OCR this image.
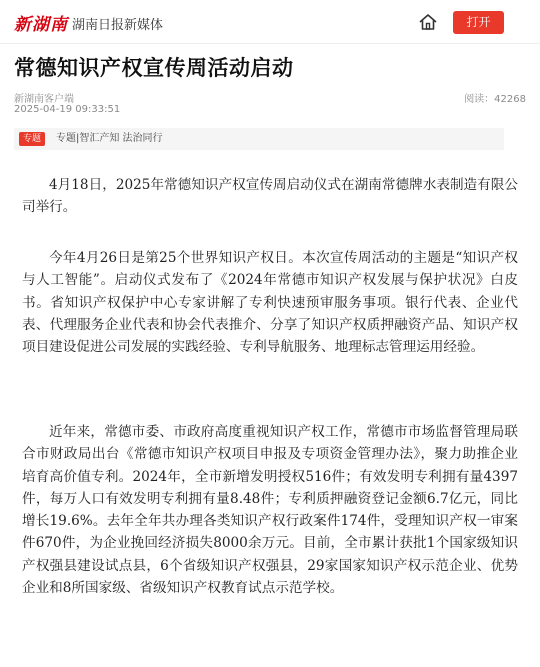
新湖南 湖南日报新媒体	打开
常德知识产权宣传周活动启动
新湖南客户端
2025-04-19 09:33:51
阅读：42268
专题	专题|智汇产知 法治同行

4月18日，2025年常德知识产权宣传周启动仪式在湖南常德牌水表制造有限公司举行。

今年4月26日是第25个世界知识产权日。本次宣传周活动的主题是“知识产权与人工智能”。启动仪式发布了《2024年常德市知识产权发展与保护状况》白皮书。省知识产权保护中心专家讲解了专利快速预审服务事项。银行代表、企业代表、代理服务企业代表和协会代表推介、分享了知识产权质押融资产品、知识产权项目建设促进公司发展的实践经验、专利导航服务、地理标志管理运用经验。

近年来，常德市委、市政府高度重视知识产权工作，常德市市场监督管理局联合市财政局出台《常德市知识产权项目申报及专项资金管理办法》，聚力助推企业培育高价值专利。2024年，全市新增发明授权516件；有效发明专利拥有量4397件，每万人口有效发明专利拥有量8.48件；专利质押融资登记金额6.7亿元，同比增长19.6%。去年全年共办理各类知识产权行政案件174件，受理知识产权一审案件670件，为企业挽回经济损失8000余万元。目前，全市累计获批1个国家级知识产权强县建设试点县，6个省级知识产权强县，29家国家知识产权示范企业、优势企业和8所国家级、省级知识产权教育试点示范学校。
